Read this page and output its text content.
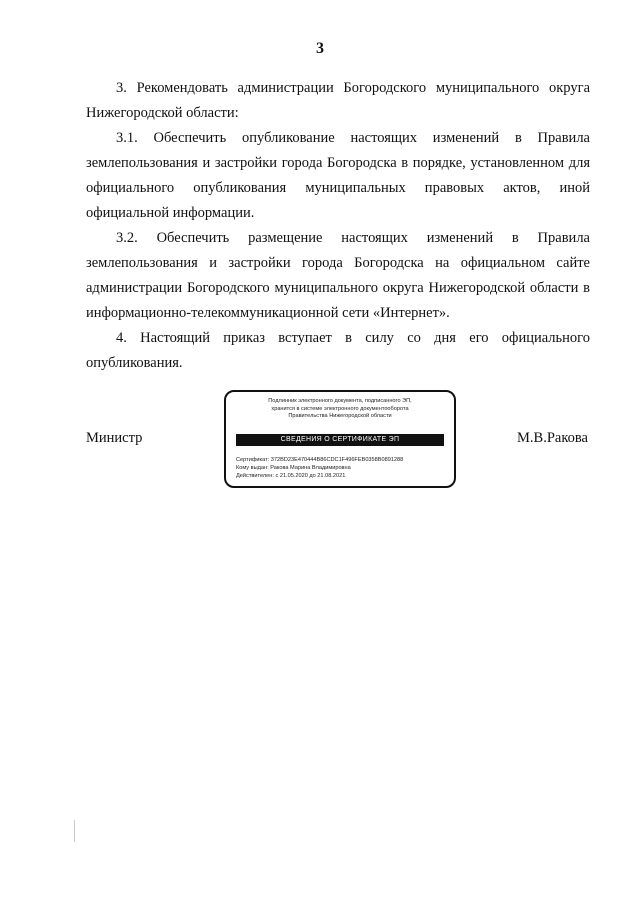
3

3. Рекомендовать администрации Богородского муниципального округа
Нижегородской области:

3.1. Обеспечить опубликование настоящих изменений в Правила
землепользования и застройки города Богородска в порядке, установленном для
официального опубликования муниципальных правовых актов, иной
официальной информации.

3.2. Обеспечить размещение настоящих изменений в Правила
землепользования и застройки города Богородска на официальном сайте
администрации Богородского муниципального округа Нижегородской области в
информационно-телекоммуникационной сети «Интернет».

4. Настоящий приказ вступает в силу со дня его официального
опубликования.

Министр
Подлинник электронного документа, подписанного ЭП,
хранится в системе электронного документооборота
Правительства Нижегородской области
СВЕДЕНИЯ О СЕРТИФИКАТЕ ЭП
Сертификат: 372BD23E470444B86CDC1F496FEB0358B0891288
Кому выдан: Ракова Марина Владимировна
Действителен: с 21.05.2020 до 21.08.2021
М.В.Ракова
